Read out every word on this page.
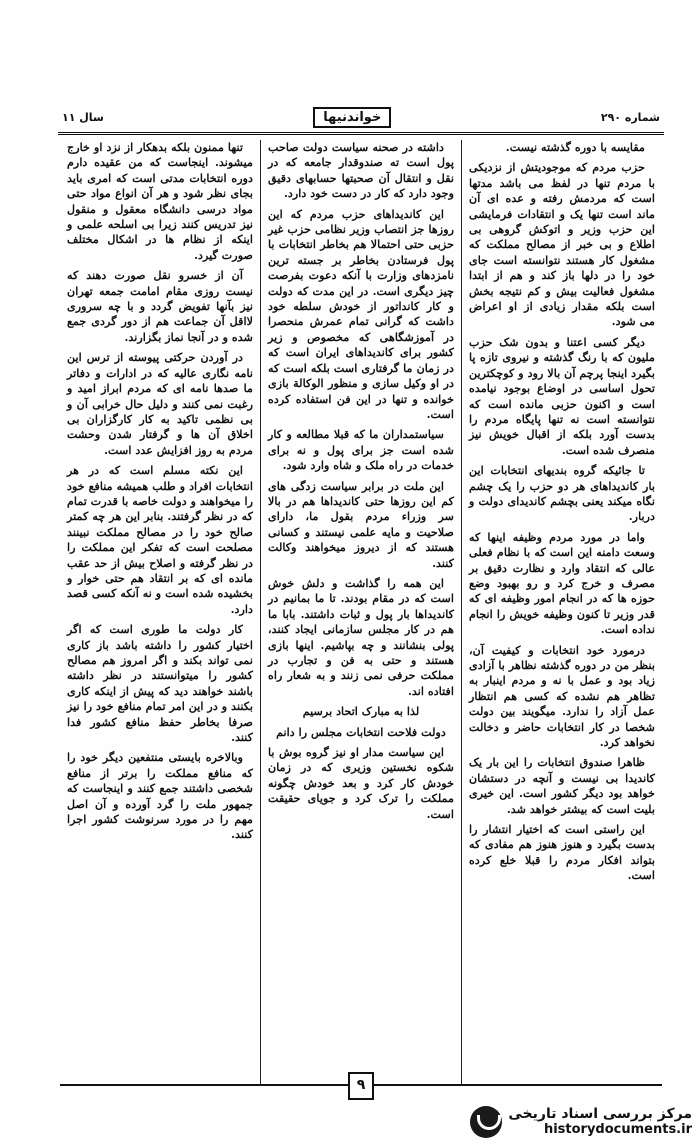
شماره ۲۹۰
خواندنیها
سال ۱۱

مقایسه با دوره گذشته نیست.

حزب مردم که موجودیتش از نزدیکی با مردم تنها در لفظ می باشد مدتها است که مردمش رفته و عده ای آن ماند است تنها یک و انتقادات فرمایشی این حزب وزیر و اتوکش گروهی بی اطلاع و بی خبر از مصالح مملکت که مشغول کار هستند نتوانسته است جای خود را در دلها باز کند و هم از ابتدا مشغول فعالیت بیش و کم نتیجه بخش است بلکه مقدار زیادی از او اعراض می شود.

دیگر کسی اعتنا و بدون شک حزب ملیون که با رنگ گذشته و نیروی تازه پا بگیرد اینجا پرچم آن بالا رود و کوچکترین تحول اساسی در اوضاع بوجود نیامده است و اکنون حزبی مانده است که نتوانسته است نه تنها پایگاه مردم را بدست آورد بلکه از اقبال خویش نیز منصرف شده است.

تا جائیکه گروه بندیهای انتخابات این بار کاندیداهای هر دو حزب را یک چشم نگاه میکند یعنی بچشم کاندیدای دولت و دربار.

واما در مورد مردم وظیفه اینها که وسعت دامنه این است که با نظام فعلی عالی که انتقاد وارد و نظارت دقیق بر مصرف و خرج کرد و رو بهبود وضع حوزه ها که در انجام امور وظیفه ای که قدر وزیر تا کنون وظیفه خویش را انجام نداده است.

درمورد خود انتخابات و کیفیت آن، بنظر من در دوره گذشته نظاهر با آزادی زیاد بود و عمل با نه و مردم اینبار به تظاهر هم نشده که کسی هم انتظار عمل آزاد را ندارد. میگویند بین دولت شخصا در کار انتخابات حاضر و دخالت نخواهد کرد.

ظاهرا صندوق انتخابات را این بار یک کاندیدا بی نیست و آنچه در دستشان خواهد بود دیگر کشور است. این خیری بلیت است که بیشتر خواهد شد.

این راستی است که اختیار انتشار را بدست بگیرد و هنوز هنوز هم مفادی که بتواند افکار مردم را قبلا خلع کرده است.

داشته در صحنه سیاست دولت صاحب پول است ته صندوقدار جامعه که در نقل و انتقال آن صحبتها حسابهای دقیق وجود دارد که کار در دست خود دارد.

این کاندیداهای حزب مردم که این روزها جز انتصاب وزیر نظامی حزب غیر حزبی حتی احتمالا هم بخاطر انتخابات با پول فرستادن بخاطر بر جسته ترین نامزدهای وزارت با آنکه دعوت بفرصت چیز دیگری است. در این مدت که دولت و کار کانداتور از خودش سلطه خود داشت که گرانی تمام عمرش منحصرا در آموزشگاهی که مخصوص و زیر کشور برای کاندیداهای ایران است که در زمان ما گرفتاری است بلکه است که در او وکیل سازی و منظور الوکالة بازی خوانده و تنها در این فن استفاده کرده است.

سیاستمداران ما که قبلا مطالعه و کار شده است جز برای پول و نه برای خدمات در راه ملک و شاه وارد شود.

این ملت در برابر سیاست زدگی های کم این روزها حتی کاندیداها هم در بالا سر وزراء مردم بقول ما، دارای صلاحیت و مایه علمی نیستند و کسانی هستند که از دیروز میخواهند وکالت کنند.

این همه را گذاشت و دلش خوش است که در مقام بودند. تا ما بمانیم در کاندیداها بار پول و ثبات داشتند. بابا ما هم در کار مجلس سازمانی ایجاد کنند، پولی بنشانند و چه بپاشیم. اینها بازی هستند و حتی به فن و تجارب در مملکت حرفی نمی زنند و به شعار راه افتاده اند.

لذا به مبارک اتحاد برسیم

دولت فلاحت انتخابات مجلس را دانم

این سیاست مدار او نیز گروه بوش با شکوه نخستین وزیری که در زمان خودش کار کرد و بعد خودش چگونه مملکت را ترک کرد و جویای حقیقت است.

تنها ممنون بلکه بدهکار از نزد او خارج میشوند. اینجاست که من عقیده دارم دوره انتخابات مدتی است که امری باید بجای نظر شود و هر آن انواع مواد حتی مواد درسی دانشگاه معقول و منقول نیز تدریس کنند زیرا بی اسلحه علمی و اینکه از نظام ها در اشکال مختلف صورت گیرد.

آن از خسرو نقل صورت دهند که نیست روزی مقام امامت جمعه تهران نیز بآنها تفویض گردد و با چه سروری لااقل آن جماعت هم از دور گردی جمع شده و در آنجا نماز بگزارند.

در آوردن حرکتی پیوسته از ترس این نامه نگاری عالیه که در ادارات و دفاتر ما صدها نامه ای که مردم ابراز امید و رغبت نمی کنند و دلیل حال خرابی آن و بی نظمی تاکید به کار کارگزاران بی اخلاق آن ها و گرفتار شدن وحشت مردم به روز افزایش عدد است.

این نکته مسلم است که در هر انتخابات افراد و طلب همیشه منافع خود را میخواهند و دولت خاصه با قدرت تمام که در نظر گرفتند. بنابر این هر چه کمتر صالح خود را در مصالح مملکت نبینند مصلحت است که تفکر این مملکت را در نظر گرفته و اصلاح بیش از حد عقب مانده ای که بر انتقاد هم حتی خوار و بخشیده شده است و نه آنکه کسی قصد دارد.

کار دولت ما طوری است که اگر اختیار کشور را داشته باشد باز کاری نمی تواند بکند و اگر امروز هم مصالح کشور را میتوانستند در نظر داشته باشند خواهند دید که پیش از اینکه کاری بکنند و در این امر تمام منافع خود را نیز صرفا بخاطر حفظ منافع کشور فدا کنند.

وبالاخره بایستی منتفعین دیگر خود را که منافع مملکت را برتر از منافع شخصی داشتند جمع کنند و اینجاست که جمهور ملت را گرد آورده و آن اصل مهم را در مورد سرنوشت کشور اجرا کنند.

۹
مرکز بررسی اسناد تاریخی
historydocuments.ir
